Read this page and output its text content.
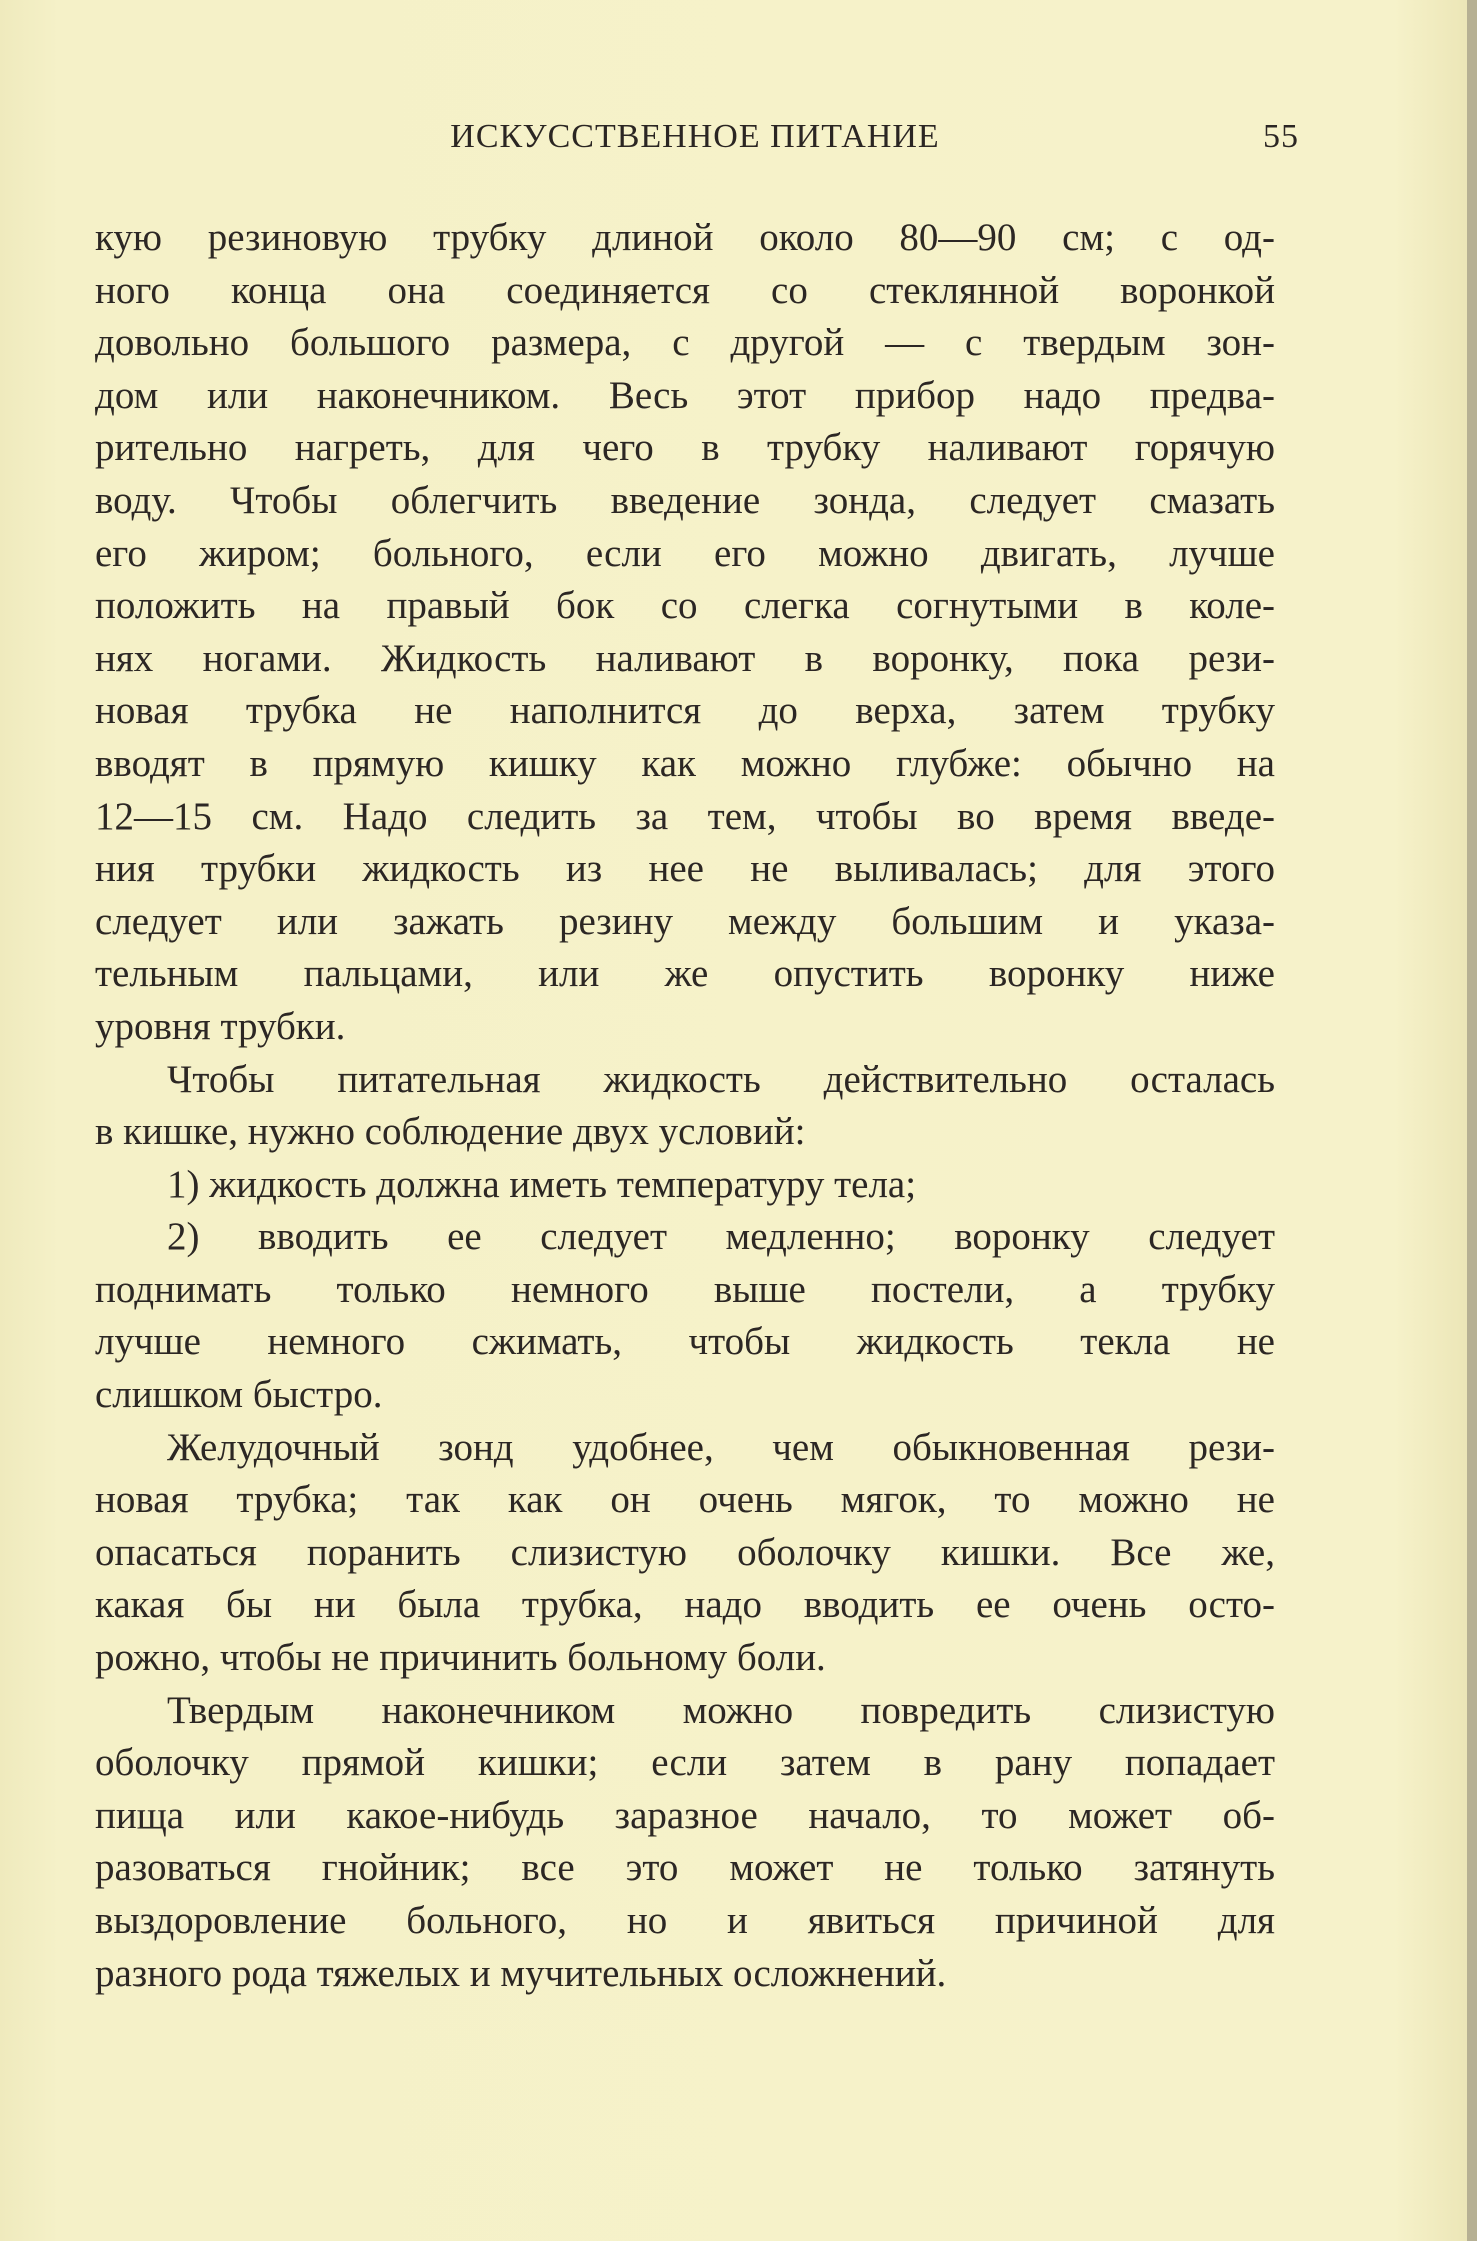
ИСКУССТВЕННОЕ ПИТАНИЕ	55
кую резиновую трубку длиной около 80—90 см; с од-
ного конца она соединяется со стеклянной воронкой
довольно большого размера, с другой — с твердым зон-
дом или наконечником. Весь этот прибор надо предва-
рительно нагреть, для чего в трубку наливают горячую
воду. Чтобы облегчить введение зонда, следует смазать
его жиром; больного, если его можно двигать, лучше
положить на правый бок со слегка согнутыми в коле-
нях ногами. Жидкость наливают в воронку, пока рези-
новая трубка не наполнится до верха, затем трубку
вводят в прямую кишку как можно глубже: обычно на
12—15 см. Надо следить за тем, чтобы во время введе-
ния трубки жидкость из нее не выливалась; для этого
следует или зажать резину между большим и указа-
тельным пальцами, или же опустить воронку ниже
уровня трубки.
Чтобы питательная жидкость действительно осталась
в кишке, нужно соблюдение двух условий:
1) жидкость должна иметь температуру тела;
2) вводить ее следует медленно; воронку следует
поднимать только немного выше постели, а трубку
лучше немного сжимать, чтобы жидкость текла не
слишком быстро.
Желудочный зонд удобнее, чем обыкновенная рези-
новая трубка; так как он очень мягок, то можно не
опасаться поранить слизистую оболочку кишки. Все же,
какая бы ни была трубка, надо вводить ее очень осто-
рожно, чтобы не причинить больному боли.
Твердым наконечником можно повредить слизистую
оболочку прямой кишки; если затем в рану попадает
пища или какое-нибудь заразное начало, то может об-
разоваться гнойник; все это может не только затянуть
выздоровление больного, но и явиться причиной для
разного рода тяжелых и мучительных осложнений.
